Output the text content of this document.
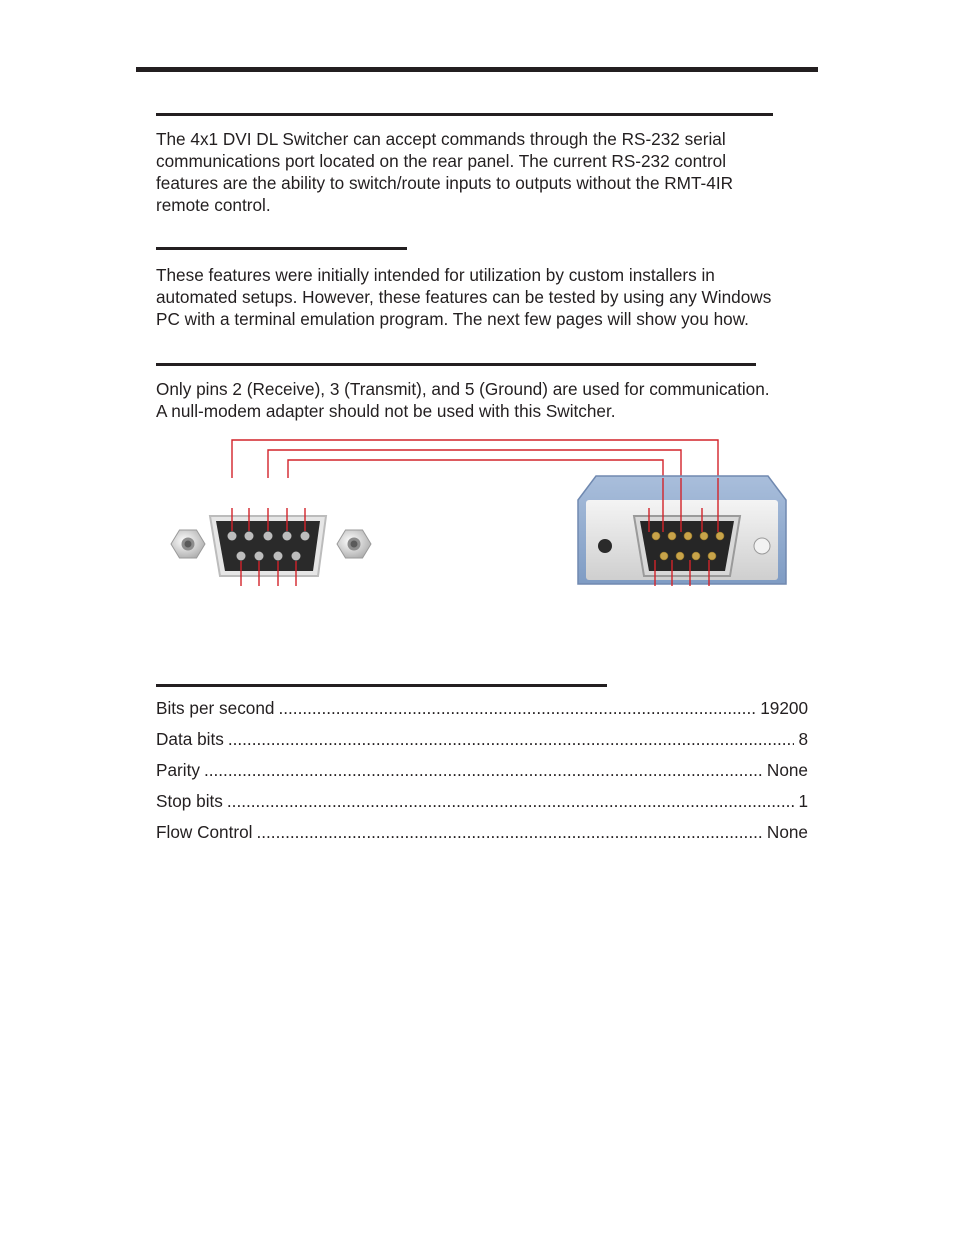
The 4x1 DVI DL Switcher can accept commands through the RS-232 serial
communications port located on the rear panel. The current RS-232 control
features are the ability to switch/route inputs to outputs without the RMT-4IR
remote control.

These features were initially intended for utilization by custom installers in
automated setups. However, these features can be tested by using any Windows
PC with a terminal emulation program. The next few pages will show you how.

Only pins 2 (Receive), 3 (Transmit), and 5 (Ground) are used for communication.
A null-modem adapter should not be used with this Switcher.

Bits per second .....	19200
Data bits .....	8
Parity .....	None
Stop bits .....	1
Flow Control .....	None
